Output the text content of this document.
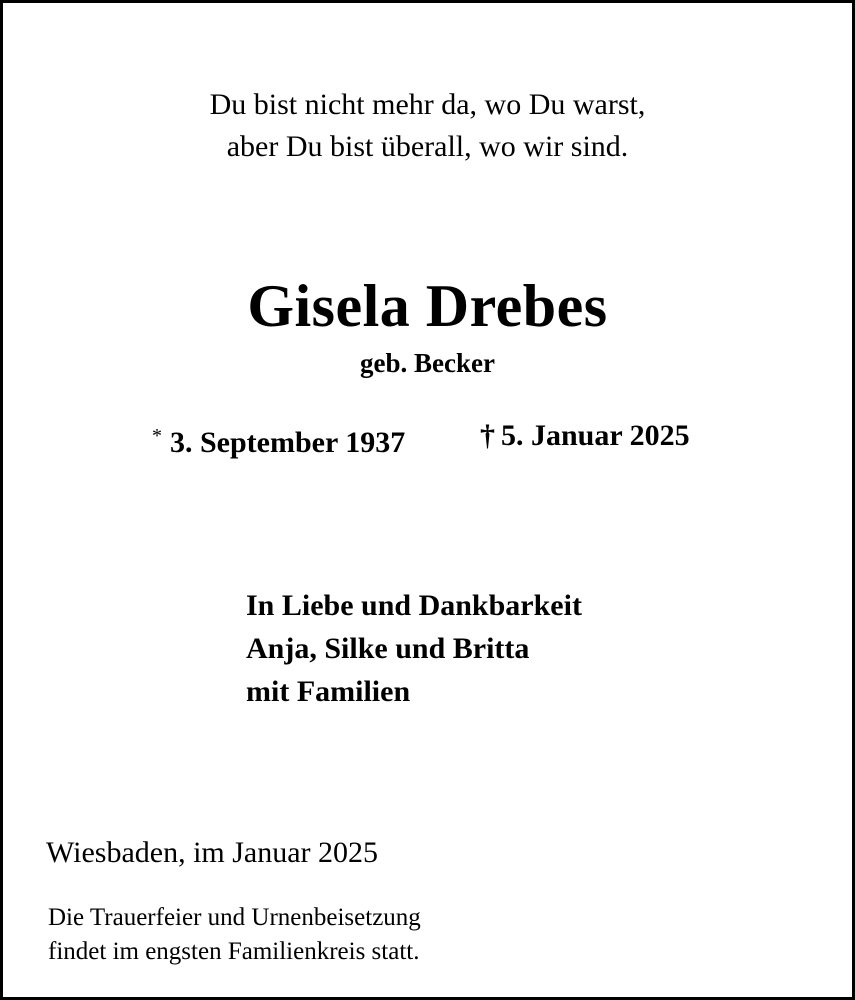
Du bist nicht mehr da, wo Du warst,
aber Du bist überall, wo wir sind.
Gisela Drebes
geb. Becker
* 3. September 1937 † 5. Januar 2025
In Liebe und Dankbarkeit
Anja, Silke und Britta
mit Familien
Wiesbaden, im Januar 2025
Die Trauerfeier und Urnenbeisetzung
findet im engsten Familienkreis statt.
